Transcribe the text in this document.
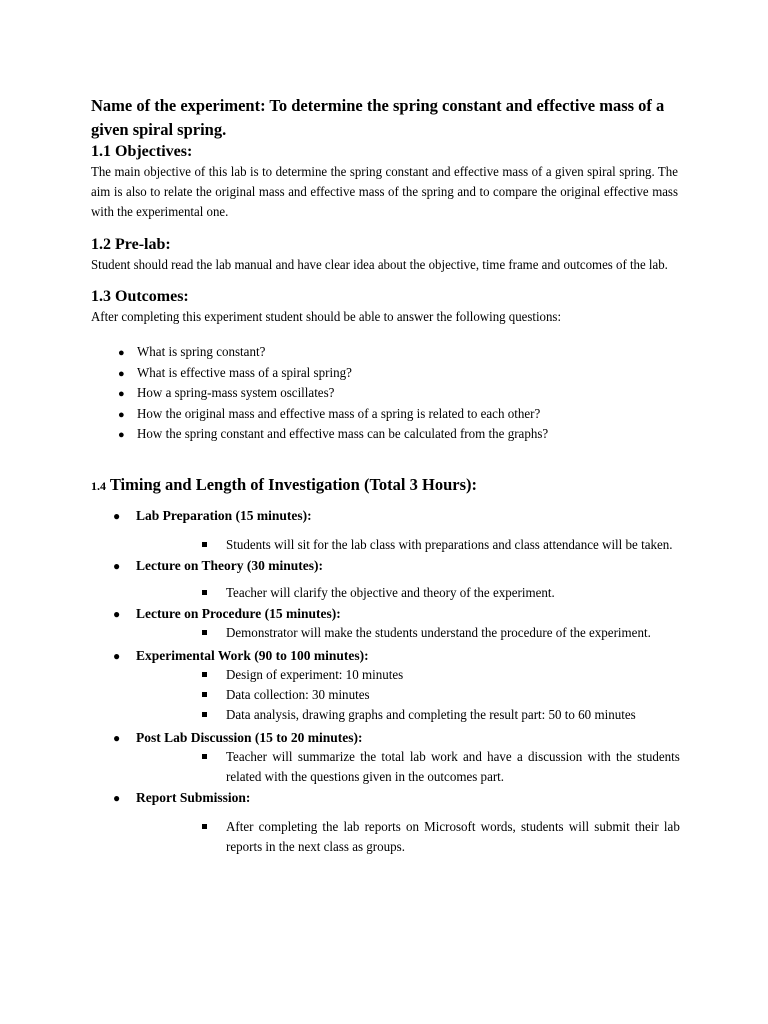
Name of the experiment: To determine the spring constant and effective mass of a given spiral spring.
1.1 Objectives:

The main objective of this lab is to determine the spring constant and effective mass of a given spiral spring. The aim is also to relate the original mass and effective mass of the spring and to compare the original effective mass with the experimental one.

1.2 Pre-lab:

Student should read the lab manual and have clear idea about the objective, time frame and outcomes of the lab.

1.3 Outcomes:

After completing this experiment student should be able to answer the following questions:

● What is spring constant?
● What is effective mass of a spiral spring?
● How a spring-mass system oscillates?
● How the original mass and effective mass of a spring is related to each other?
● How the spring constant and effective mass can be calculated from the graphs?
1.4 Timing and Length of Investigation (Total 3 Hours):
● Lab Preparation (15 minutes):
Students will sit for the lab class with preparations and class attendance will be taken.
● Lecture on Theory (30 minutes):
Teacher will clarify the objective and theory of the experiment.
● Lecture on Procedure (15 minutes):
Demonstrator will make the students understand the procedure of the experiment.
● Experimental Work (90 to 100 minutes):
Design of experiment: 10 minutes
Data collection: 30 minutes
Data analysis, drawing graphs and completing the result part: 50 to 60 minutes
● Post Lab Discussion (15 to 20 minutes):
Teacher will summarize the total lab work and have a discussion with the students related with the questions given in the outcomes part.
● Report Submission:
After completing the lab reports on Microsoft words, students will submit their lab reports in the next class as groups.
